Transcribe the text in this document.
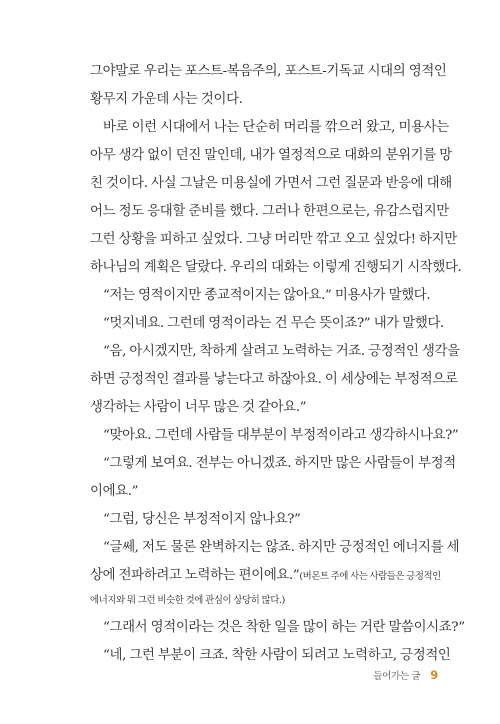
그야말로 우리는 포스트-복음주의, 포스트-기독교 시대의 영적인
황무지 가운데 사는 것이다.
바로 이런 시대에서 나는 단순히 머리를 깎으러 왔고, 미용사는
아무 생각 없이 던진 말인데, 내가 열정적으로 대화의 분위기를 망
친 것이다. 사실 그날은 미용실에 가면서 그런 질문과 반응에 대해
어느 정도 응대할 준비를 했다. 그러나 한편으로는, 유감스럽지만
그런 상황을 피하고 싶었다. 그냥 머리만 깎고 오고 싶었다! 하지만
하나님의 계획은 달랐다. 우리의 대화는 이렇게 진행되기 시작했다.
“저는 영적이지만 종교적이지는 않아요.” 미용사가 말했다.
“멋지네요. 그런데 영적이라는 건 무슨 뜻이죠?” 내가 말했다.
“음, 아시겠지만, 착하게 살려고 노력하는 거죠. 긍정적인 생각을
하면 긍정적인 결과를 낳는다고 하잖아요. 이 세상에는 부정적으로
생각하는 사람이 너무 많은 것 같아요.”
“맞아요. 그런데 사람들 대부분이 부정적이라고 생각하시나요?”
“그렇게 보여요. 전부는 아니겠죠. 하지만 많은 사람들이 부정적
이에요.”
“그럼, 당신은 부정적이지 않나요?”
“글쎄, 저도 물론 완벽하지는 않죠. 하지만 긍정적인 에너지를 세
상에 전파하려고 노력하는 편이에요.”(버몬트 주에 사는 사람들은 긍정적인
에너지와 뭐 그런 비슷한 것에 관심이 상당히 많다.)
“그래서 영적이라는 것은 착한 일을 많이 하는 거란 말씀이시죠?”
“네, 그런 부분이 크죠. 착한 사람이 되려고 노력하고, 긍정적인
들어가는 글 9
